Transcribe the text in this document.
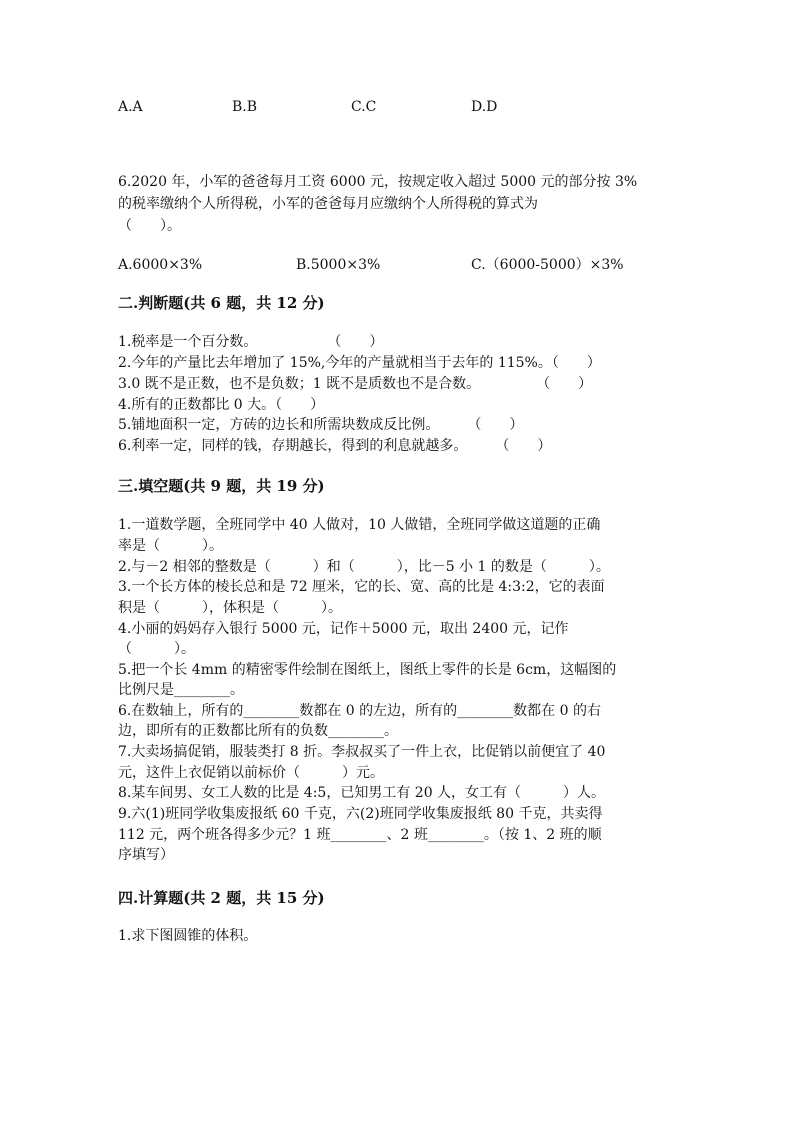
A.A	B.B	C.C	D.D
6.2020 年，小军的爸爸每月工资 6000 元，按规定收入超过 5000 元的部分按 3%
的税率缴纳个人所得税，小军的爸爸每月应缴纳个人所得税的算式为
（　　）。
A.6000×3%	B.5000×3%	C.（6000-5000）×3%
二.判断题(共 6 题，共 12 分)
1.税率是一个百分数。　　　　　　（　　）
2.今年的产量比去年增加了 15%,今年的产量就相当于去年的 115%。（　　）
3.0 既不是正数，也不是负数；1 既不是质数也不是合数。　　　　　（　　）
4.所有的正数都比 0 大。（　　）
5.铺地面积一定，方砖的边长和所需块数成反比例。　　　（　　）
6.利率一定，同样的钱，存期越长，得到的利息就越多。　　　（　　）
三.填空题(共 9 题，共 19 分)
1.一道数学题，全班同学中 40 人做对，10 人做错，全班同学做这道题的正确
率是（　　　）。
2.与－2 相邻的整数是（　　　）和（　　　），比－5 小 1 的数是（　　　）。
3.一个长方体的棱长总和是 72 厘米，它的长、宽、高的比是 4:3:2，它的表面
积是（　　　），体积是（　　　）。
4.小丽的妈妈存入银行 5000 元，记作＋5000 元，取出 2400 元，记作
（　　　）。
5.把一个长 4mm 的精密零件绘制在图纸上，图纸上零件的长是 6cm，这幅图的
比例尺是________。
6.在数轴上，所有的________数都在 0 的左边，所有的________数都在 0 的右
边，即所有的正数都比所有的负数________。
7.大卖场搞促销，服装类打 8 折。李叔叔买了一件上衣，比促销以前便宜了 40
元，这件上衣促销以前标价（　　　）元。
8.某车间男、女工人数的比是 4:5，已知男工有 20 人，女工有（　　　）人。
9.六(1)班同学收集废报纸 60 千克，六(2)班同学收集废报纸 80 千克，共卖得
112 元，两个班各得多少元？1 班________、2 班________。（按 1、2 班的顺
序填写）
四.计算题(共 2 题，共 15 分)
1.求下图圆锥的体积。
